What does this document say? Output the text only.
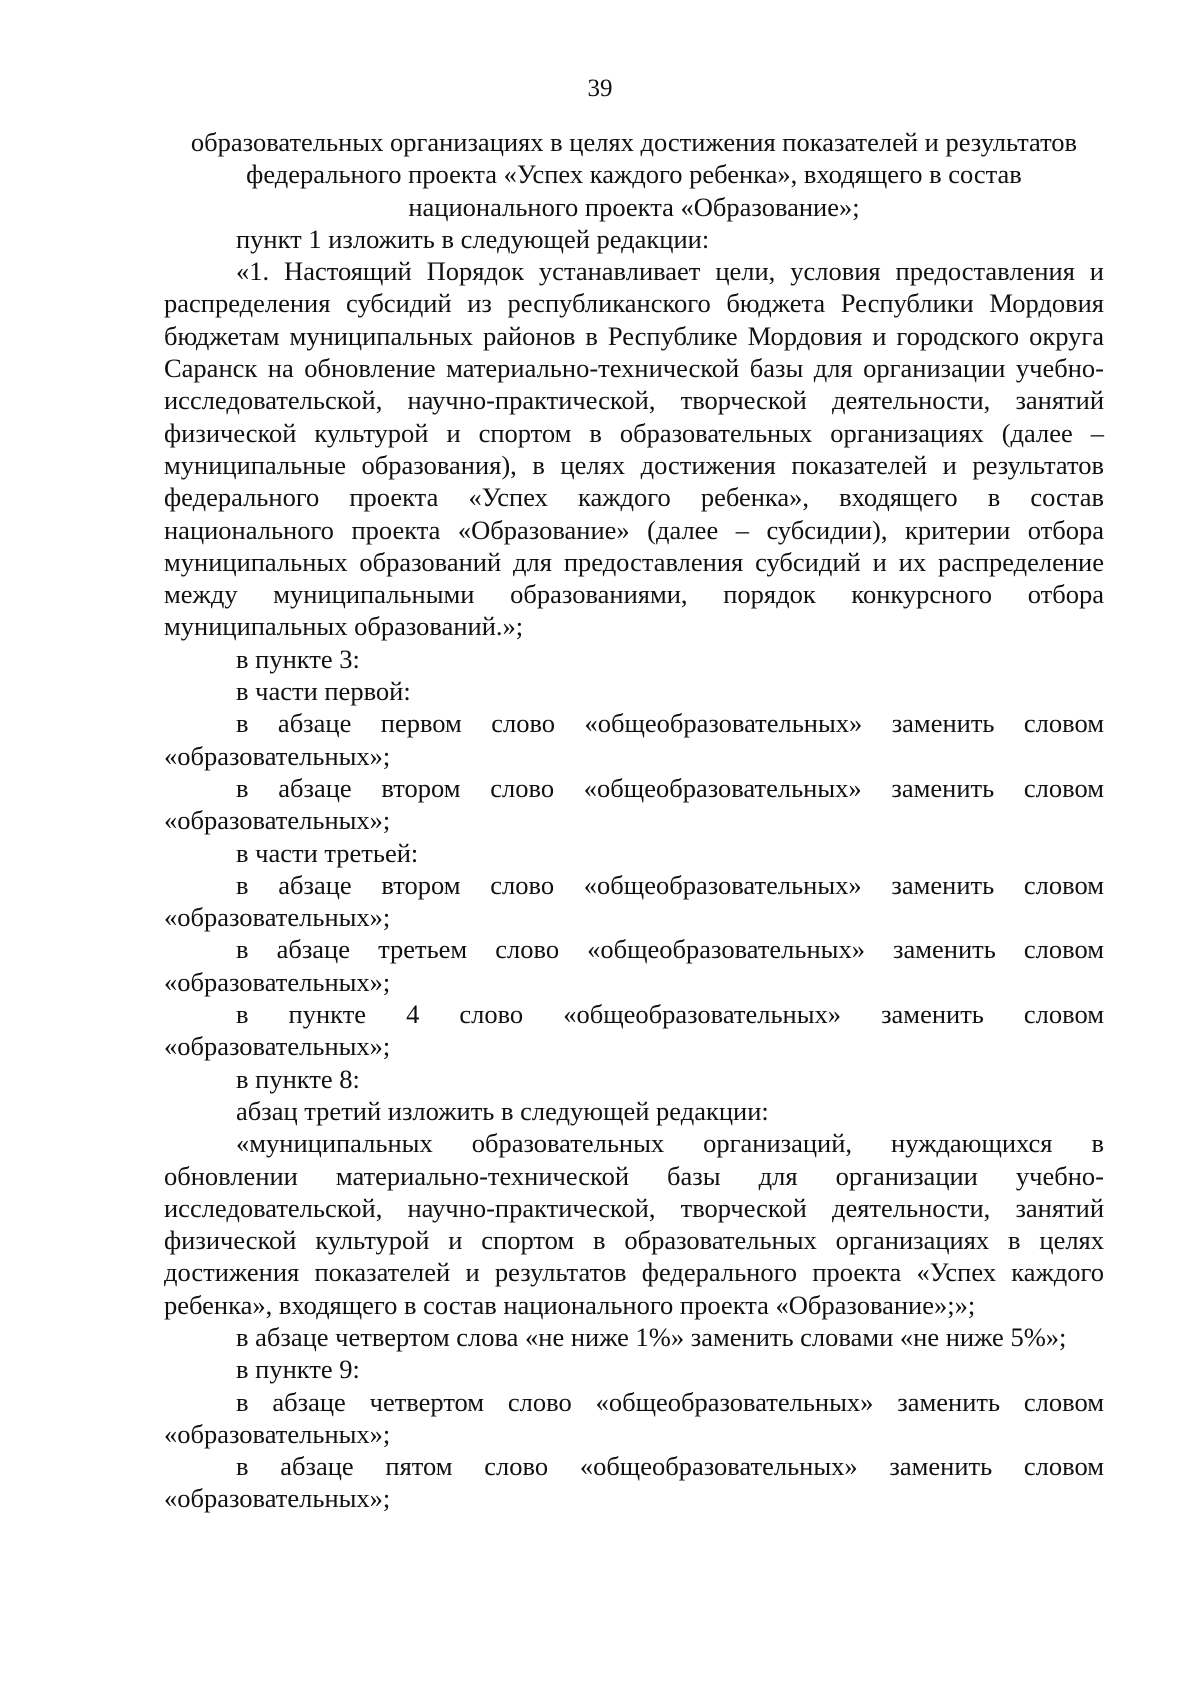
39

образовательных организациях в целях достижения показателей и результатов федерального проекта «Успех каждого ребенка», входящего в состав национального проекта «Образование»;

пункт 1 изложить в следующей редакции:

«1. Настоящий Порядок устанавливает цели, условия предоставления и распределения субсидий из республиканского бюджета Республики Мордовия бюджетам муниципальных районов в Республике Мордовия и городского округа Саранск на обновление материально-технической базы для организации учебно-исследовательской, научно-практической, творческой деятельности, занятий физической культурой и спортом в образовательных организациях (далее – муниципальные образования), в целях достижения показателей и результатов федерального проекта «Успех каждого ребенка», входящего в состав национального проекта «Образование» (далее – субсидии), критерии отбора муниципальных образований для предоставления субсидий и их распределение между муниципальными образованиями, порядок конкурсного отбора муниципальных образований.»;

в пункте 3:

в части первой:

в абзаце первом слово «общеобразовательных» заменить словом «образовательных»;

в абзаце втором слово «общеобразовательных» заменить словом «образовательных»;

в части третьей:

в абзаце втором слово «общеобразовательных» заменить словом «образовательных»;

в абзаце третьем слово «общеобразовательных» заменить словом «образовательных»;

в пункте 4 слово «общеобразовательных» заменить словом «образовательных»;

в пункте 8:

абзац третий изложить в следующей редакции:

«муниципальных образовательных организаций, нуждающихся в обновлении материально-технической базы для организации учебно-исследовательской, научно-практической, творческой деятельности, занятий физической культурой и спортом в образовательных организациях в целях достижения показателей и результатов федерального проекта «Успех каждого ребенка», входящего в состав национального проекта «Образование»;»;

в абзаце четвертом слова «не ниже 1%» заменить словами «не ниже 5%»;

в пункте 9:

в абзаце четвертом слово «общеобразовательных» заменить словом «образовательных»;

в абзаце пятом слово «общеобразовательных» заменить словом «образовательных»;
